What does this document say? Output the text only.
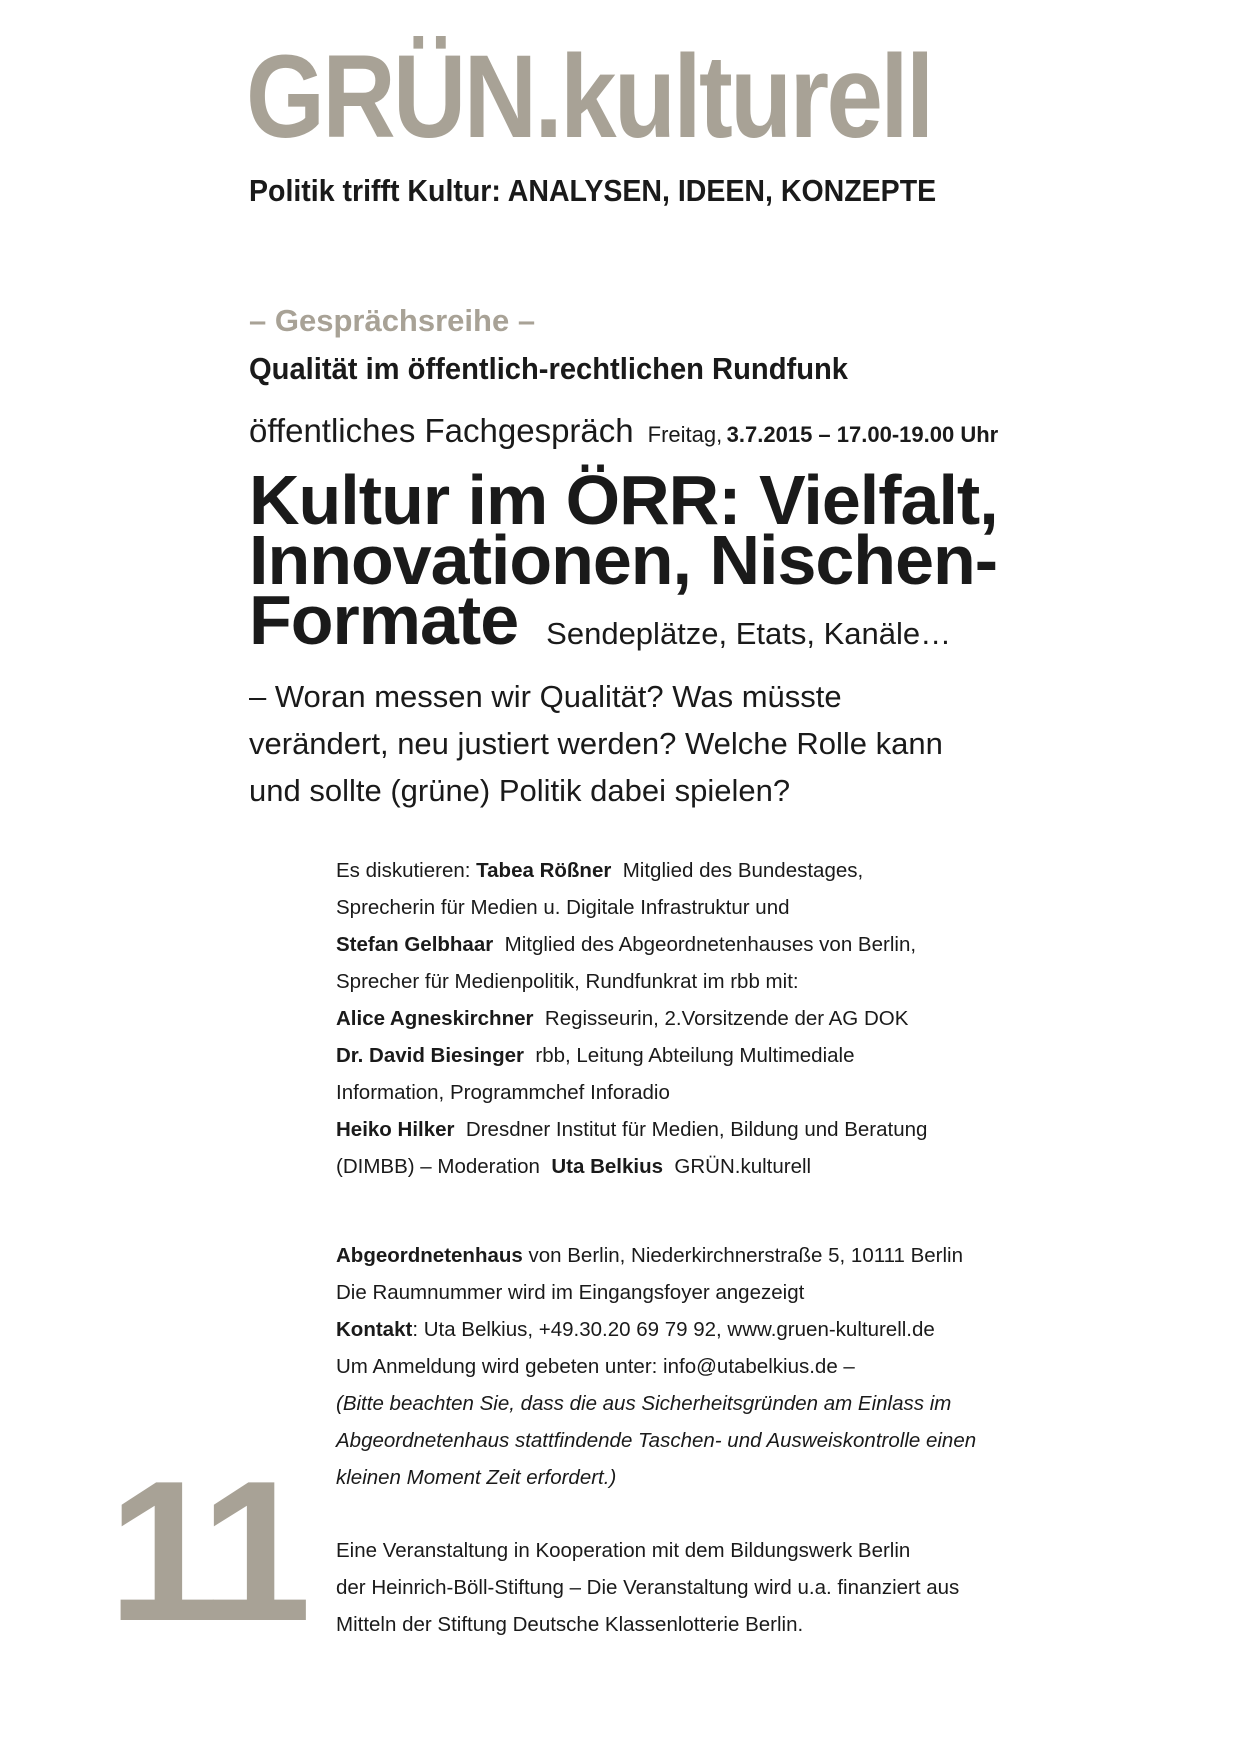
GRÜN.kulturell
Politik trifft Kultur: ANALYSEN, IDEEN, KONZEPTE
– Gesprächsreihe –
Qualität im öffentlich-rechtlichen Rundfunk
öffentliches Fachgespräch Freitag, 3.7.2015 – 17.00-19.00 Uhr
Kultur im ÖRR: Vielfalt,
Innovationen, Nischen-
Formate Sendeplätze, Etats, Kanäle…
– Woran messen wir Qualität? Was müsste verändert, neu justiert werden? Welche Rolle kann und sollte (grüne) Politik dabei spielen?
Es diskutieren: Tabea Rößner Mitglied des Bundestages,
Sprecherin für Medien u. Digitale Infrastruktur und
Stefan Gelbhaar Mitglied des Abgeordnetenhauses von Berlin,
Sprecher für Medienpolitik, Rundfunkrat im rbb mit:
Alice Agneskirchner Regisseurin, 2.Vorsitzende der AG DOK
Dr. David Biesinger rbb, Leitung Abteilung Multimediale
Information, Programmchef Inforadio
Heiko Hilker Dresdner Institut für Medien, Bildung und Beratung
(DIMBB) – Moderation Uta Belkius GRÜN.kulturell
Abgeordnetenhaus von Berlin, Niederkirchnerstraße 5, 10111 Berlin
Die Raumnummer wird im Eingangsfoyer angezeigt
Kontakt: Uta Belkius, +49.30.20 69 79 92, www.gruen-kulturell.de
Um Anmeldung wird gebeten unter: info@utabelkius.de –
(Bitte beachten Sie, dass die aus Sicherheitsgründen am Einlass im
Abgeordnetenhaus stattfindende Taschen- und Ausweiskontrolle einen
kleinen Moment Zeit erfordert.)
Eine Veranstaltung in Kooperation mit dem Bildungswerk Berlin
der Heinrich-Böll-Stiftung – Die Veranstaltung wird u.a. finanziert aus
Mitteln der Stiftung Deutsche Klassenlotterie Berlin.
11
